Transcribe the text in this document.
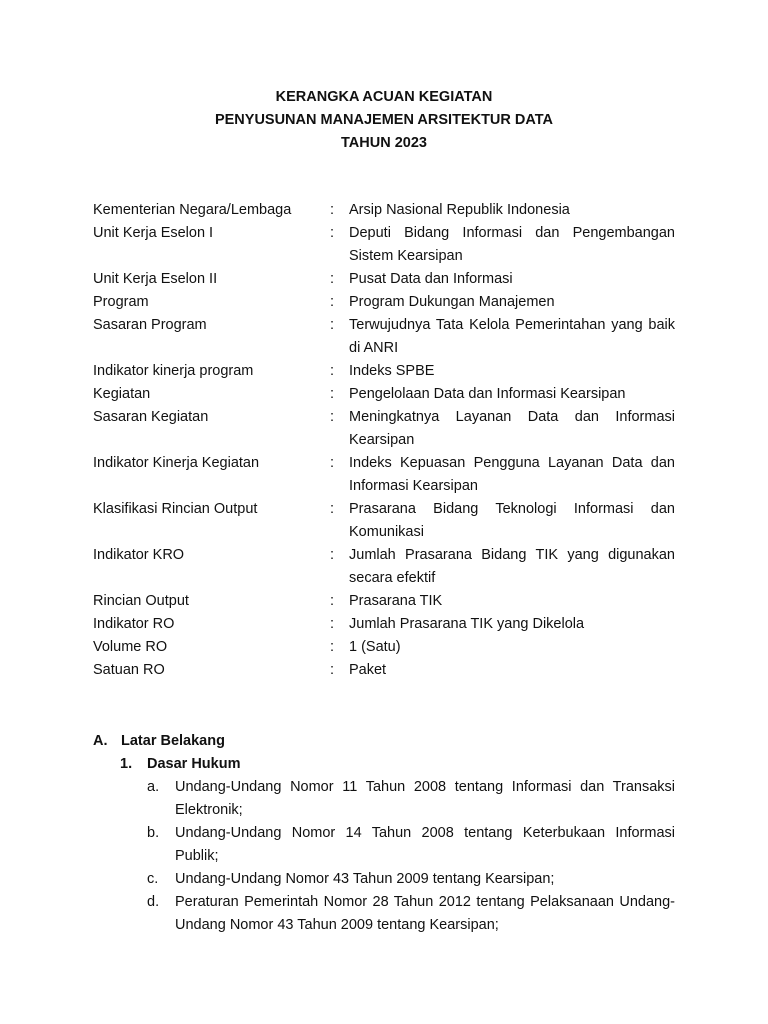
KERANGKA ACUAN KEGIATAN
PENYUSUNAN MANAJEMEN ARSITEKTUR DATA
TAHUN 2023
Kementerian Negara/Lembaga	:	Arsip Nasional Republik Indonesia
Unit Kerja Eselon I	:	Deputi Bidang Informasi dan Pengembangan Sistem Kearsipan
Unit Kerja Eselon II	:	Pusat Data dan Informasi
Program	:	Program Dukungan Manajemen
Sasaran Program	:	Terwujudnya Tata Kelola Pemerintahan yang baik di ANRI
Indikator kinerja program	:	Indeks SPBE
Kegiatan	:	Pengelolaan Data dan Informasi Kearsipan
Sasaran Kegiatan	:	Meningkatnya Layanan Data dan Informasi Kearsipan
Indikator Kinerja Kegiatan	:	Indeks Kepuasan Pengguna Layanan Data dan Informasi Kearsipan
Klasifikasi Rincian Output	:	Prasarana Bidang Teknologi Informasi dan Komunikasi
Indikator KRO	:	Jumlah Prasarana Bidang TIK yang digunakan secara efektif
Rincian Output	:	Prasarana TIK
Indikator RO	:	Jumlah Prasarana TIK yang Dikelola
Volume RO	:	1 (Satu)
Satuan RO	:	Paket
A. Latar Belakang
1.	Dasar Hukum
a.	Undang-Undang Nomor 11 Tahun 2008 tentang Informasi dan Transaksi Elektronik;
b.	Undang-Undang Nomor 14 Tahun 2008 tentang Keterbukaan Informasi Publik;
c.	Undang-Undang Nomor 43 Tahun 2009 tentang Kearsipan;
d.	Peraturan Pemerintah Nomor 28 Tahun 2012 tentang Pelaksanaan Undang-Undang Nomor 43 Tahun 2009 tentang Kearsipan;
